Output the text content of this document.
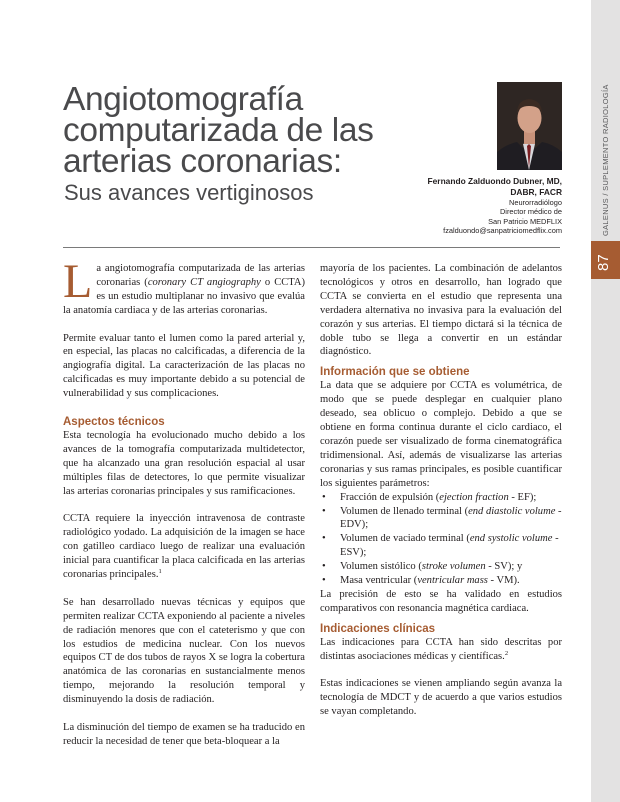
GALENUS / SUPLEMENTO RADIOLOGÍA
87
Angiotomografía computarizada de las arterias coronarias:
Sus avances vertiginosos	Fernando Zalduondo Dubner, MD,
DABR, FACR
Neurorradiólogo
Director médico de
San Patricio MEDFLIX
fzalduondo@sanpatriciomedflix.com

La angiotomografía computarizada de las arterias coronarias (coronary CT angiography o CCTA) es un estudio multiplanar no invasivo que evalúa la anatomía cardiaca y de las arterias coronarias.

Permite evaluar tanto el lumen como la pared arterial y, en especial, las placas no calcificadas, a diferencia de la angiografía digital. La caracterización de las placas no calcificadas es muy importante debido a su potencial de vulnerabilidad y sus complicaciones.

Aspectos técnicos

Esta tecnología ha evolucionado mucho debido a los avances de la tomografía computarizada multidetector, que ha alcanzado una gran resolución espacial al usar múltiples filas de detectores, lo que permite visualizar las arterias coronarias principales y sus ramificaciones.

CCTA requiere la inyección intravenosa de contraste radiológico yodado. La adquisición de la imagen se hace con gatilleo cardiaco luego de realizar una evaluación inicial para cuantificar la placa calcificada en las arterias coronarias principales.$^1$

Se han desarrollado nuevas técnicas y equipos que permiten realizar CCTA exponiendo al paciente a niveles de radiación menores que con el cateterismo y que con los estudios de medicina nuclear. Con los nuevos equipos CT de dos tubos de rayos X se logra la cobertura anatómica de las coronarias en sustancialmente menos tiempo, mejorando la resolución temporal y disminuyendo la dosis de radiación.

La disminución del tiempo de examen se ha traducido en reducir la necesidad de tener que beta-bloquear a la

mayoría de los pacientes. La combinación de adelantos tecnológicos y otros en desarrollo, han logrado que CCTA se convierta en el estudio que representa una verdadera alternativa no invasiva para la evaluación del corazón y sus arterias. El tiempo dictará si la técnica de doble tubo se llega a convertir en un estándar diagnóstico.

Información que se obtiene

La data que se adquiere por CCTA es volumétrica, de modo que se puede desplegar en cualquier plano deseado, sea oblicuo o complejo. Debido a que se obtiene en forma continua durante el ciclo cardiaco, el corazón puede ser visualizado de forma cinematográfica tridimensional. Así, además de visualizarse las arterias coronarias y sus ramas principales, es posible cuantificar los siguientes parámetros:

• Fracción de expulsión (ejection fraction - EF);
• Volumen de llenado terminal (end diastolic volume - EDV);
• Volumen de vaciado terminal (end systolic volume - ESV);
• Volumen sistólico (stroke volumen - SV); y
• Masa ventricular (ventricular mass - VM).

La precisión de esto se ha validado en estudios comparativos con resonancia magnética cardiaca.

Indicaciones clínicas

Las indicaciones para CCTA han sido descritas por distintas asociaciones médicas y científicas.$^2$

Estas indicaciones se vienen ampliando según avanza la tecnología de MDCT y de acuerdo a que varios estudios se vayan completando.
